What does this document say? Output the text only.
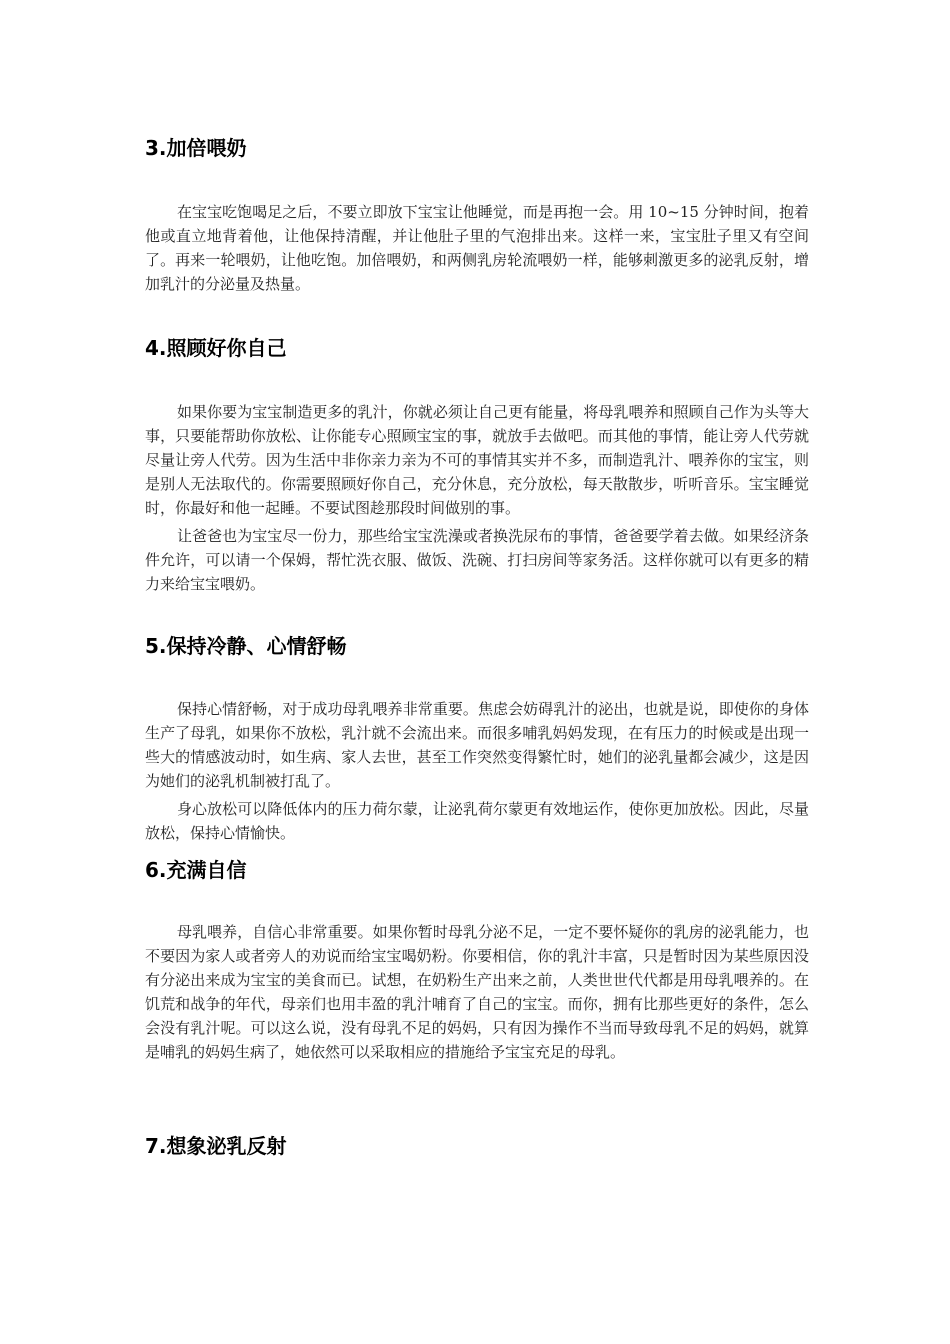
3.加倍喂奶

在宝宝吃饱喝足之后，不要立即放下宝宝让他睡觉，而是再抱一会。用 10~15 分钟时间，抱着他或直立地背着他，让他保持清醒，并让他肚子里的气泡排出来。这样一来，宝宝肚子里又有空间了。再来一轮喂奶，让他吃饱。加倍喂奶，和两侧乳房轮流喂奶一样，能够刺激更多的泌乳反射，增加乳汁的分泌量及热量。

4.照顾好你自己

如果你要为宝宝制造更多的乳汁，你就必须让自己更有能量，将母乳喂养和照顾自己作为头等大事，只要能帮助你放松、让你能专心照顾宝宝的事，就放手去做吧。而其他的事情，能让旁人代劳就尽量让旁人代劳。因为生活中非你亲力亲为不可的事情其实并不多，而制造乳汁、喂养你的宝宝，则是别人无法取代的。你需要照顾好你自己，充分休息，充分放松，每天散散步，听听音乐。宝宝睡觉时，你最好和他一起睡。不要试图趁那段时间做别的事。

让爸爸也为宝宝尽一份力，那些给宝宝洗澡或者换洗尿布的事情，爸爸要学着去做。如果经济条件允许，可以请一个保姆，帮忙洗衣服、做饭、洗碗、打扫房间等家务活。这样你就可以有更多的精力来给宝宝喂奶。

5.保持冷静、心情舒畅

保持心情舒畅，对于成功母乳喂养非常重要。焦虑会妨碍乳汁的泌出，也就是说，即使你的身体生产了母乳，如果你不放松，乳汁就不会流出来。而很多哺乳妈妈发现，在有压力的时候或是出现一些大的情感波动时，如生病、家人去世，甚至工作突然变得繁忙时，她们的泌乳量都会减少，这是因为她们的泌乳机制被打乱了。

身心放松可以降低体内的压力荷尔蒙，让泌乳荷尔蒙更有效地运作，使你更加放松。因此，尽量放松，保持心情愉快。

6.充满自信

母乳喂养，自信心非常重要。如果你暂时母乳分泌不足，一定不要怀疑你的乳房的泌乳能力，也不要因为家人或者旁人的劝说而给宝宝喝奶粉。你要相信，你的乳汁丰富，只是暂时因为某些原因没有分泌出来成为宝宝的美食而已。试想，在奶粉生产出来之前，人类世世代代都是用母乳喂养的。在饥荒和战争的年代，母亲们也用丰盈的乳汁哺育了自己的宝宝。而你，拥有比那些更好的条件，怎么会没有乳汁呢。可以这么说，没有母乳不足的妈妈，只有因为操作不当而导致母乳不足的妈妈，就算是哺乳的妈妈生病了，她依然可以采取相应的措施给予宝宝充足的母乳。

7.想象泌乳反射
